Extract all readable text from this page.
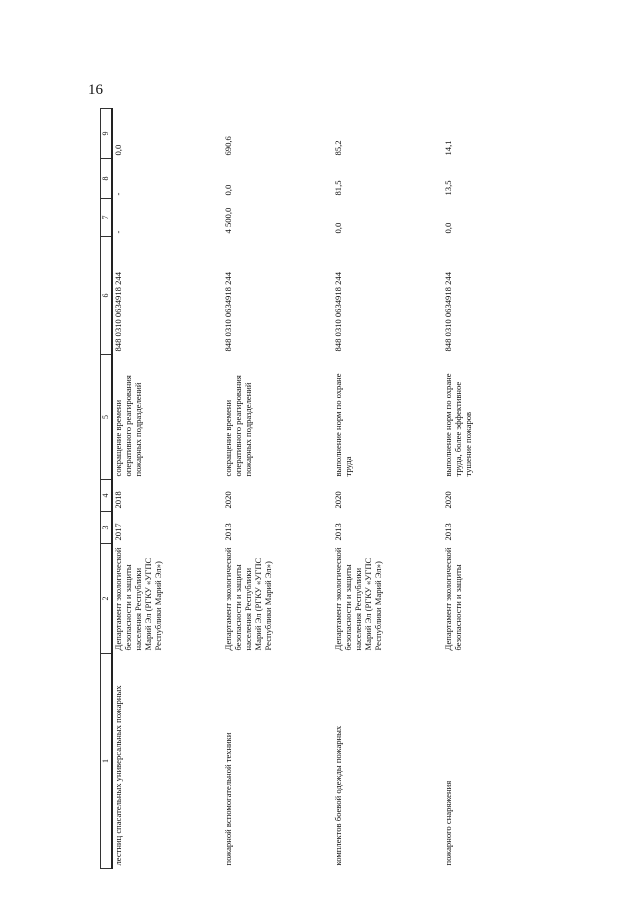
16
1	2	3	4	5	6	7	8	9
лестниц спасательных универсальных пожарных	Департамент экологической безопасности и защиты населения Республики Марий Эл (РГКУ «УГПС Республики Марий Эл»)	2017	2018	сокращение времени оперативного реагирования пожарных подразделений	848 0310 0634918 244	-	-	0,0
пожарной вспомогательной техники	Департамент экологической безопасности и защиты населения Республики Марий Эл (РГКУ «УГПС Республики Марий Эл»)	2013	2020	сокращение времени оперативного реагирования пожарных подразделений	848 0310 0634918 244	4 500,0	0,0	690,6
комплектов боевой одежды пожарных	Департамент экологической безопасности и защиты населения Республики Марий Эл (РГКУ «УГПС Республики Марий Эл»)	2013	2020	выполнение норм по охране труда	848 0310 0634918 244	0,0	81,5	85,2
пожарного снаряжения	Департамент экологической безопасности и защиты	2013	2020	выполнение норм по охране труда, более эффективное тушение пожаров	848 0310 0634918 244	0,0	13,5	14,1
